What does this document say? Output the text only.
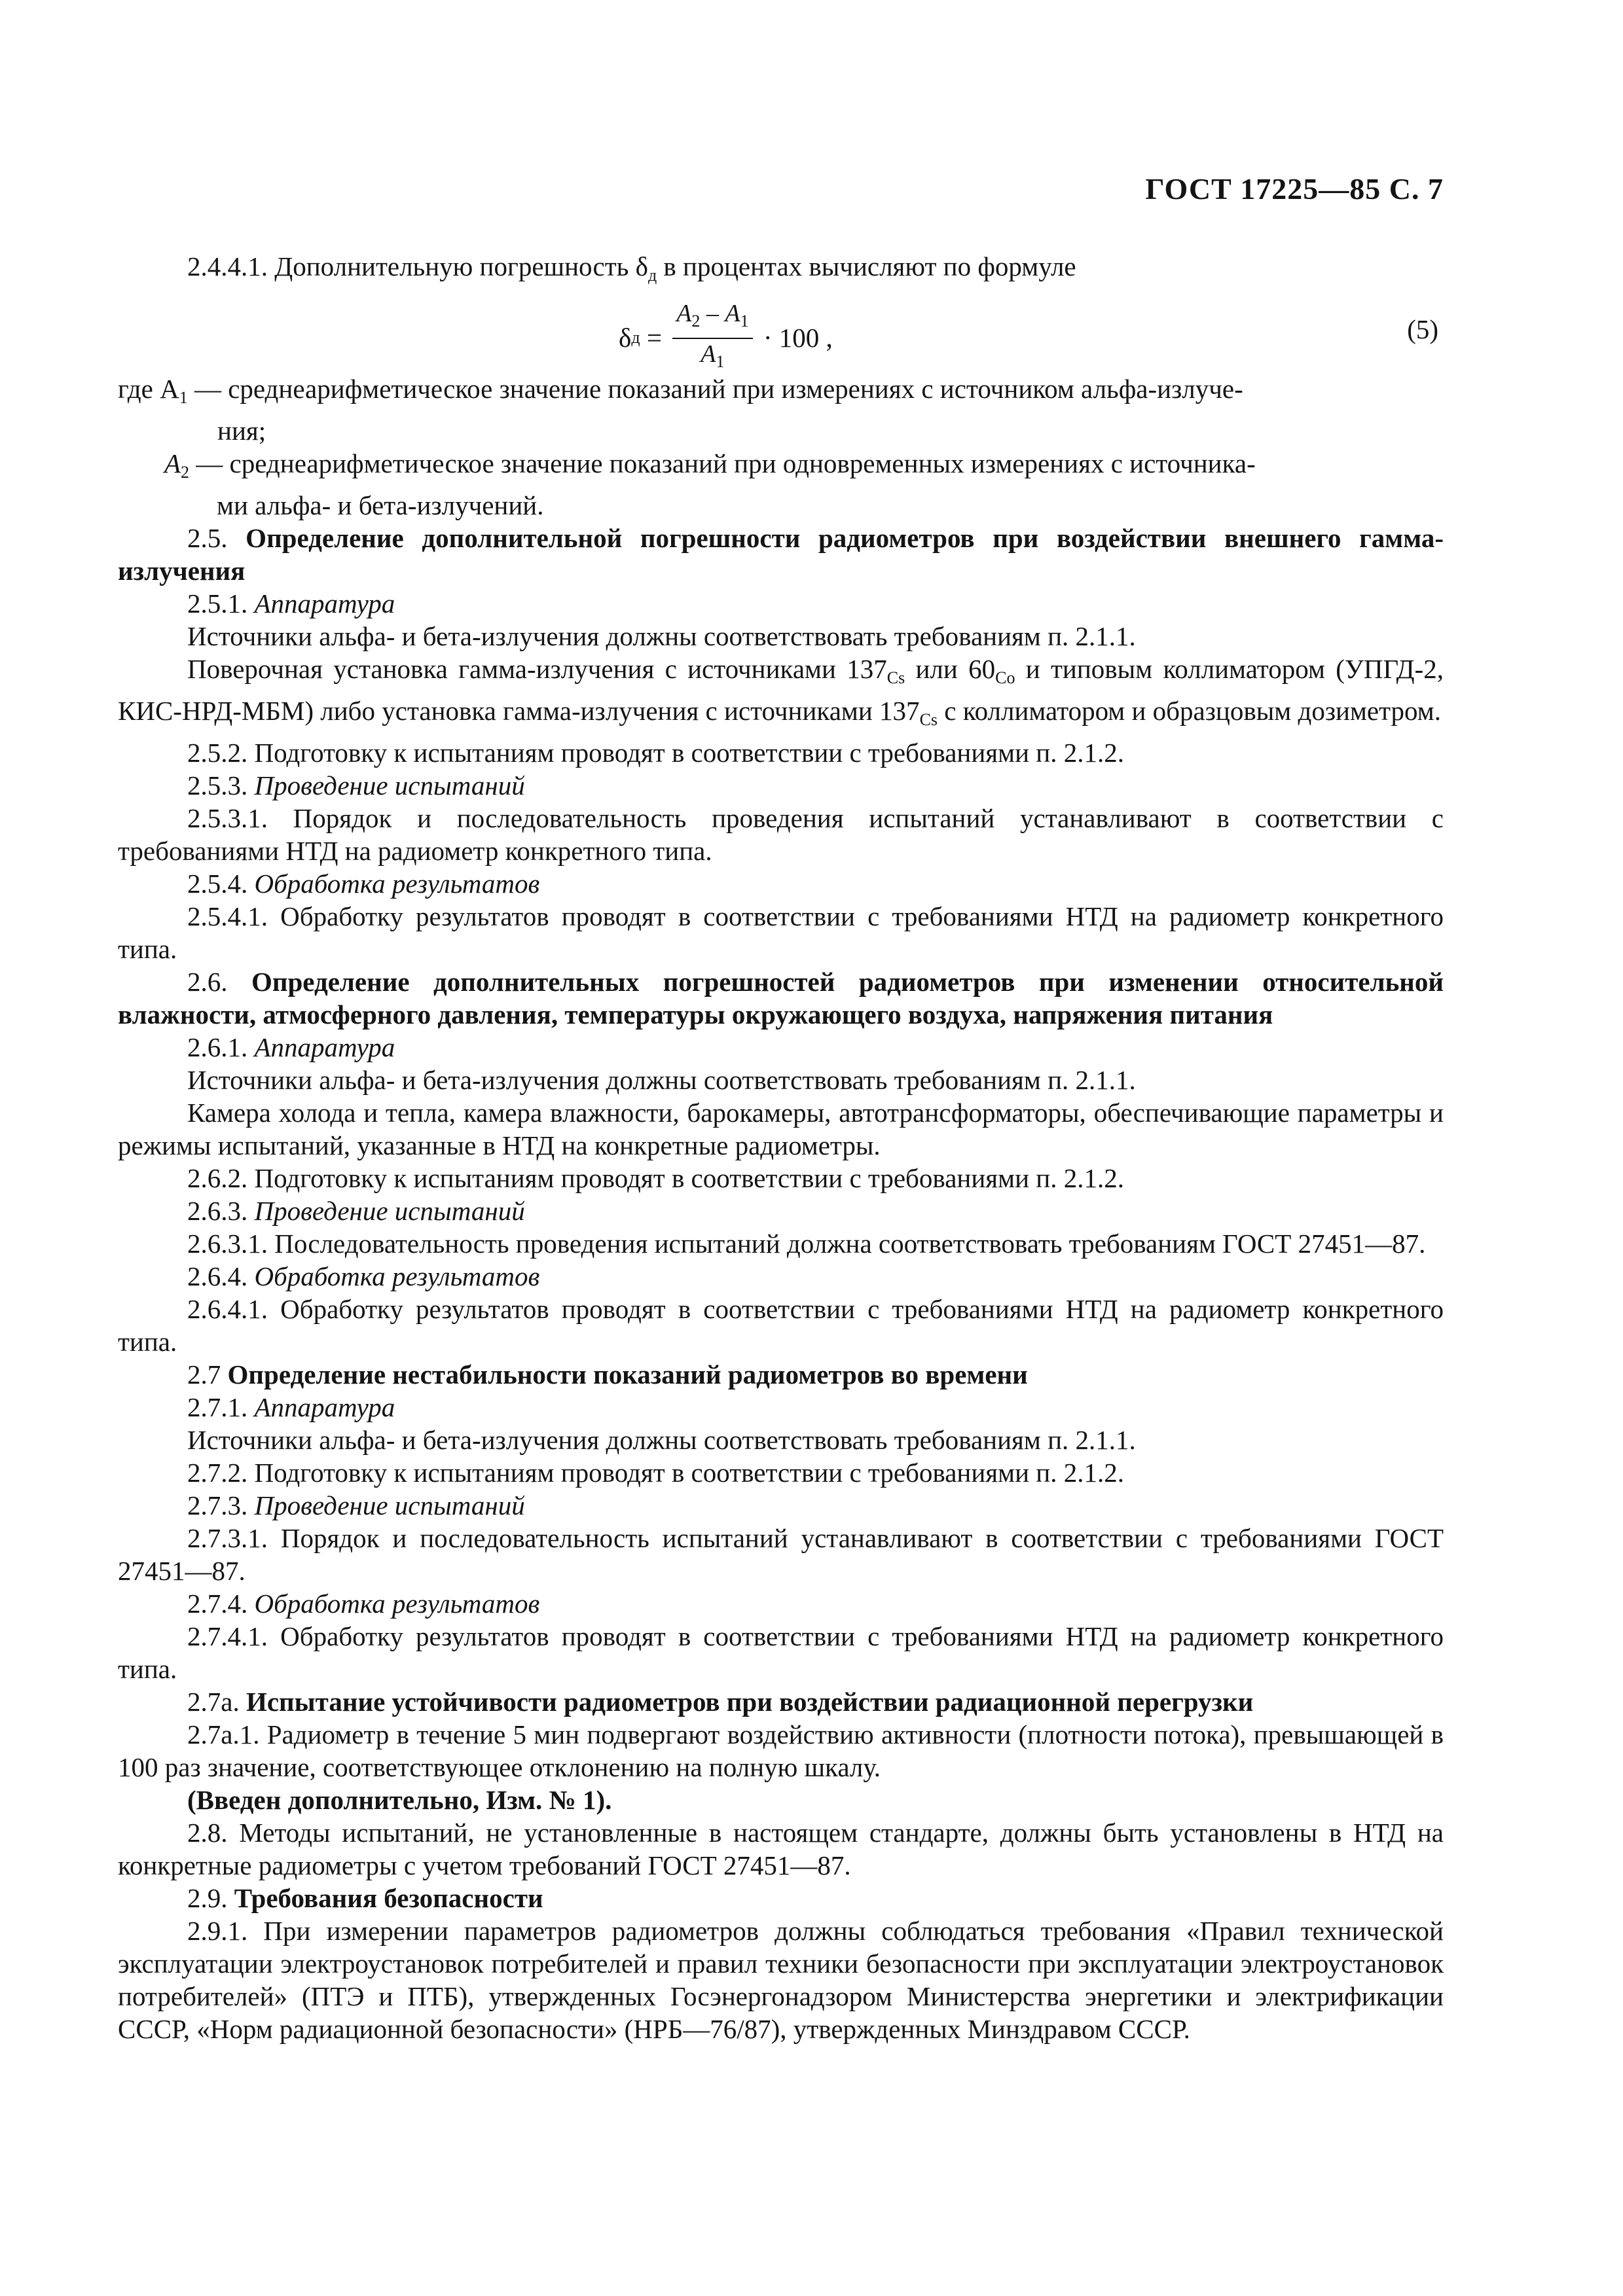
ГОСТ 17225—85 С. 7

2.4.4.1. Дополнительную погрешность $\delta_д$ в процентах вычисляют по формуле

δ $д = \frac{A_2 - A_1}{A_1} \cdot 100$ ,	(5)
где $A_1$ — среднеарифметическое значение показаний при измерениях с источником альфа-излуче-
ния;
$A_2$ — среднеарифметическое значение показаний при одновременных измерениях с источника-
ми альфа- и бета-излучений.

2.5. Определение дополнительной погрешности радиометров при воздействии внешнего гамма-излучения

2.5.1. Аппаратура

Источники альфа- и бета-излучения должны соответствовать требованиям п. 2.1.1.

Поверочная установка гамма-излучения с источниками $137_{Cs}$ или $60_{Co}$ и типовым коллиматором (УПГД-2, КИС-НРД-МБМ) либо установка гамма-излучения с источниками $137_{Cs}$ с коллиматором и образцовым дозиметром.

2.5.2. Подготовку к испытаниям проводят в соответствии с требованиями п. 2.1.2.

2.5.3. Проведение испытаний

2.5.3.1. Порядок и последовательность проведения испытаний устанавливают в соответствии с требованиями НТД на радиометр конкретного типа.

2.5.4. Обработка результатов

2.5.4.1. Обработку результатов проводят в соответствии с требованиями НТД на радиометр конкретного типа.

2.6. Определение дополнительных погрешностей радиометров при изменении относительной влажности, атмосферного давления, температуры окружающего воздуха, напряжения питания

2.6.1. Аппаратура

Источники альфа- и бета-излучения должны соответствовать требованиям п. 2.1.1.

Камера холода и тепла, камера влажности, барокамеры, автотрансформаторы, обеспечивающие параметры и режимы испытаний, указанные в НТД на конкретные радиометры.

2.6.2. Подготовку к испытаниям проводят в соответствии с требованиями п. 2.1.2.

2.6.3. Проведение испытаний

2.6.3.1. Последовательность проведения испытаний должна соответствовать требованиям ГОСТ 27451—87.

2.6.4. Обработка результатов

2.6.4.1. Обработку результатов проводят в соответствии с требованиями НТД на радиометр конкретного типа.

2.7 Определение нестабильности показаний радиометров во времени

2.7.1. Аппаратура

Источники альфа- и бета-излучения должны соответствовать требованиям п. 2.1.1.

2.7.2. Подготовку к испытаниям проводят в соответствии с требованиями п. 2.1.2.

2.7.3. Проведение испытаний

2.7.3.1. Порядок и последовательность испытаний устанавливают в соответствии с требованиями ГОСТ 27451—87.

2.7.4. Обработка результатов

2.7.4.1. Обработку результатов проводят в соответствии с требованиями НТД на радиометр конкретного типа.

2.7а. Испытание устойчивости радиометров при воздействии радиационной перегрузки

2.7а.1. Радиометр в течение 5 мин подвергают воздействию активности (плотности потока), превышающей в 100 раз значение, соответствующее отклонению на полную шкалу.

(Введен дополнительно, Изм. № 1).

2.8. Методы испытаний, не установленные в настоящем стандарте, должны быть установлены в НТД на конкретные радиометры с учетом требований ГОСТ 27451—87.

2.9. Требования безопасности

2.9.1. При измерении параметров радиометров должны соблюдаться требования «Правил технической эксплуатации электроустановок потребителей и правил техники безопасности при эксплуатации электроустановок потребителей» (ПТЭ и ПТБ), утвержденных Госэнергонадзором Министерства энергетики и электрификации СССР, «Норм радиационной безопасности» (НРБ—76/87), утвержденных Минздравом СССР.
